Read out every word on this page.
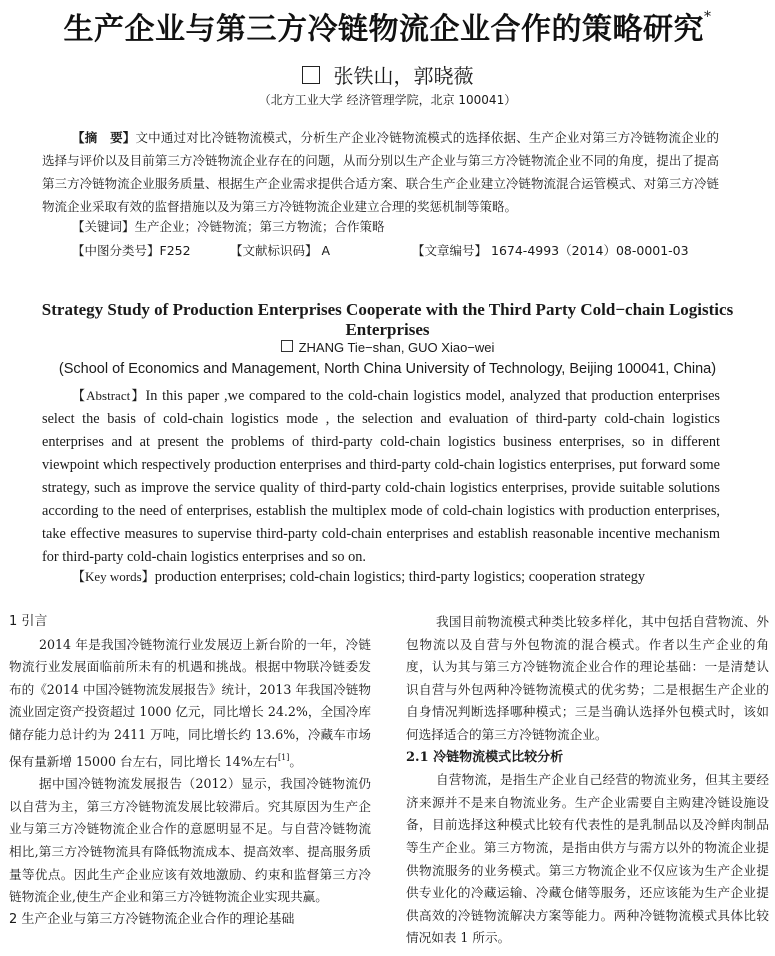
生产企业与第三方冷链物流企业合作的策略研究*
张铁山，郭晓薇
（北方工业大学 经济管理学院，北京 100041）

【摘　要】文中通过对比冷链物流模式，分析生产企业冷链物流模式的选择依据、生产企业对第三方冷链物流企业的选择与评价以及目前第三方冷链物流企业存在的问题，从而分别以生产企业与第三方冷链物流企业不同的角度，提出了提高第三方冷链物流企业服务质量、根据生产企业需求提供合适方案、联合生产企业建立冷链物流混合运管模式、对第三方冷链物流企业采取有效的监督措施以及为第三方冷链物流企业建立合理的奖惩机制等策略。

【关键词】生产企业；冷链物流；第三方物流；合作策略
【中图分类号】F252	【文献标识码】 A	【文章编号】 1674-4993（2014）08-0001-03
Strategy Study of Production Enterprises Cooperate with the Third Party Cold−chain Logistics Enterprises
ZHANG Tie−shan, GUO Xiao−wei
(School of Economics and Management, North China University of Technology, Beijing 100041, China)

【Abstract】In this paper ,we compared to the cold-chain logistics model, analyzed that production enterprises select the basis of cold-chain logistics mode , the selection and evaluation of third-party cold-chain logistics enterprises and at present the problems of third-party cold-chain logistics business enterprises, so in different viewpoint which respectively production enterprises and third-party cold-chain logistics enterprises, put forward some strategy, such as improve the service quality of third-party cold-chain logistics enterprises, provide suitable solutions according to the need of enterprises, establish the multiplex mode of cold-chain logistics with production enterprises, take effective measures to supervise third-party cold-chain enterprises and establish reasonable incentive mechanism for third-party cold-chain logistics enterprises and so on.

【Key words】production enterprises; cold-chain logistics; third-party logistics; cooperation strategy

1 引言

2014 年是我国冷链物流行业发展迈上新台阶的一年，冷链物流行业发展面临前所未有的机遇和挑战。根据中物联冷链委发布的《2014 中国冷链物流发展报告》统计，2013 年我国冷链物流业固定资产投资超过 1000 亿元，同比增长 24.2%，全国冷库储存能力总计约为 2411 万吨，同比增长约 13.6%，冷藏车市场保有量新增 15000 台左右，同比增长 14%左右[1]。

据中国冷链物流发展报告（2012）显示，我国冷链物流仍以自营为主，第三方冷链物流发展比较滞后。究其原因为生产企业与第三方冷链物流企业合作的意愿明显不足。与自营冷链物流相比,第三方冷链物流具有降低物流成本、提高效率、提高服务质量等优点。因此生产企业应该有效地激励、约束和监督第三方冷链物流企业,使生产企业和第三方冷链物流企业实现共赢。

2 生产企业与第三方冷链物流企业合作的理论基础

我国目前物流模式种类比较多样化，其中包括自营物流、外包物流以及自营与外包物流的混合模式。作者以生产企业的角度，认为其与第三方冷链物流企业合作的理论基础：一是清楚认识自营与外包两种冷链物流模式的优劣势；二是根据生产企业的自身情况判断选择哪种模式；三是当确认选择外包模式时，该如何选择适合的第三方冷链物流企业。

2.1 冷链物流模式比较分析

自营物流，是指生产企业自己经营的物流业务，但其主要经济来源并不是来自物流业务。生产企业需要自主购建冷链设施设备，目前选择这种模式比较有代表性的是乳制品以及冷鲜肉制品等生产企业。第三方物流，是指由供方与需方以外的物流企业提供物流服务的业务模式。第三方物流企业不仅应该为生产企业提供专业化的冷藏运输、冷藏仓储等服务，还应该能为生产企业提供高效的冷链物流解决方案等能力。两种冷链物流模式具体比较情况如表 1 所示。
